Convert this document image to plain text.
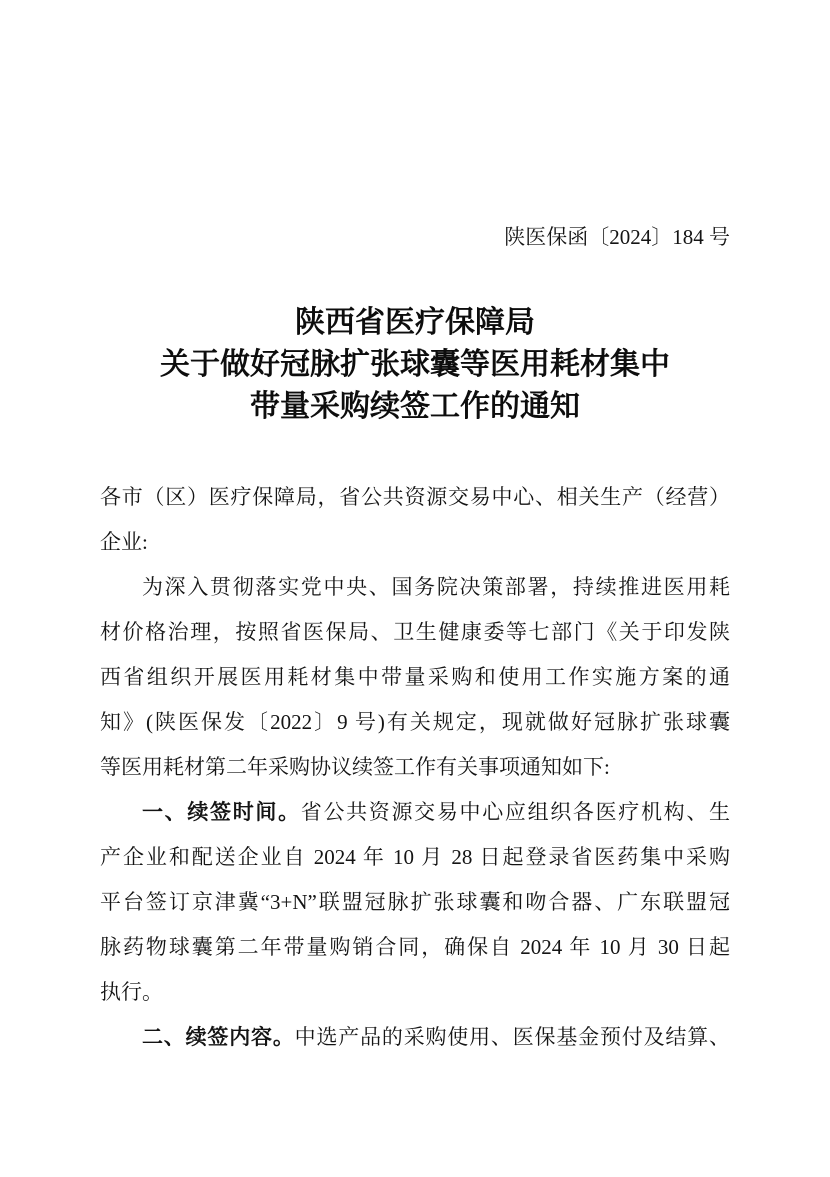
陕医保函〔2024〕184 号
陕西省医疗保障局
关于做好冠脉扩张球囊等医用耗材集中
带量采购续签工作的通知
各市（区）医疗保障局，省公共资源交易中心、相关生产（经营）
企业:
为深入贯彻落实党中央、国务院决策部署，持续推进医用耗
材价格治理，按照省医保局、卫生健康委等七部门《关于印发陕
西省组织开展医用耗材集中带量采购和使用工作实施方案的通
知》(陕医保发〔2022〕9 号)有关规定，现就做好冠脉扩张球囊
等医用耗材第二年采购协议续签工作有关事项通知如下:
一、续签时间。省公共资源交易中心应组织各医疗机构、生
产企业和配送企业自 2024 年 10 月 28 日起登录省医药集中采购
平台签订京津冀“3+N”联盟冠脉扩张球囊和吻合器、广东联盟冠
脉药物球囊第二年带量购销合同，确保自 2024 年 10 月 30 日起
执行。
二、续签内容。中选产品的采购使用、医保基金预付及结算、
